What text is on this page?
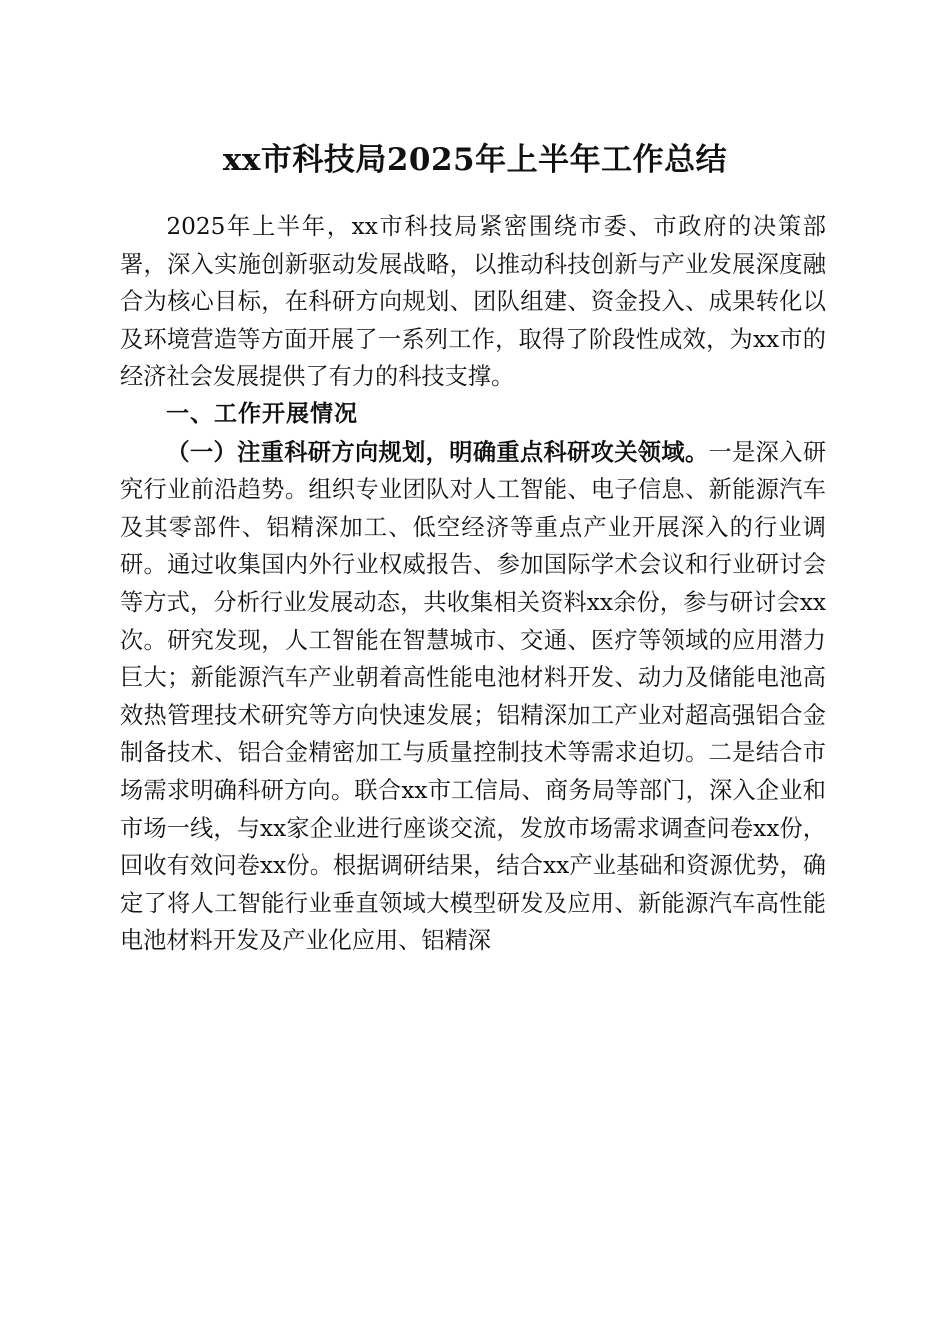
xx市科技局2025年上半年工作总结

2025年上半年，xx市科技局紧密围绕市委、市政府的决策部署，深入实施创新驱动发展战略，以推动科技创新与产业发展深度融合为核心目标，在科研方向规划、团队组建、资金投入、成果转化以及环境营造等方面开展了一系列工作，取得了阶段性成效，为xx市的经济社会发展提供了有力的科技支撑。

一、工作开展情况

（一）注重科研方向规划，明确重点科研攻关领域。一是深入研究行业前沿趋势。组织专业团队对人工智能、电子信息、新能源汽车及其零部件、铝精深加工、低空经济等重点产业开展深入的行业调研。通过收集国内外行业权威报告、参加国际学术会议和行业研讨会等方式，分析行业发展动态，共收集相关资料xx余份，参与研讨会xx次。研究发现，人工智能在智慧城市、交通、医疗等领域的应用潜力巨大；新能源汽车产业朝着高性能电池材料开发、动力及储能电池高效热管理技术研究等方向快速发展；铝精深加工产业对超高强铝合金制备技术、铝合金精密加工与质量控制技术等需求迫切。二是结合市场需求明确科研方向。联合xx市工信局、商务局等部门，深入企业和市场一线，与xx家企业进行座谈交流，发放市场需求调查问卷xx份，回收有效问卷xx份。根据调研结果，结合xx产业基础和资源优势，确定了将人工智能行业垂直领域大模型研发及应用、新能源汽车高性能电池材料开发及产业化应用、铝精深
